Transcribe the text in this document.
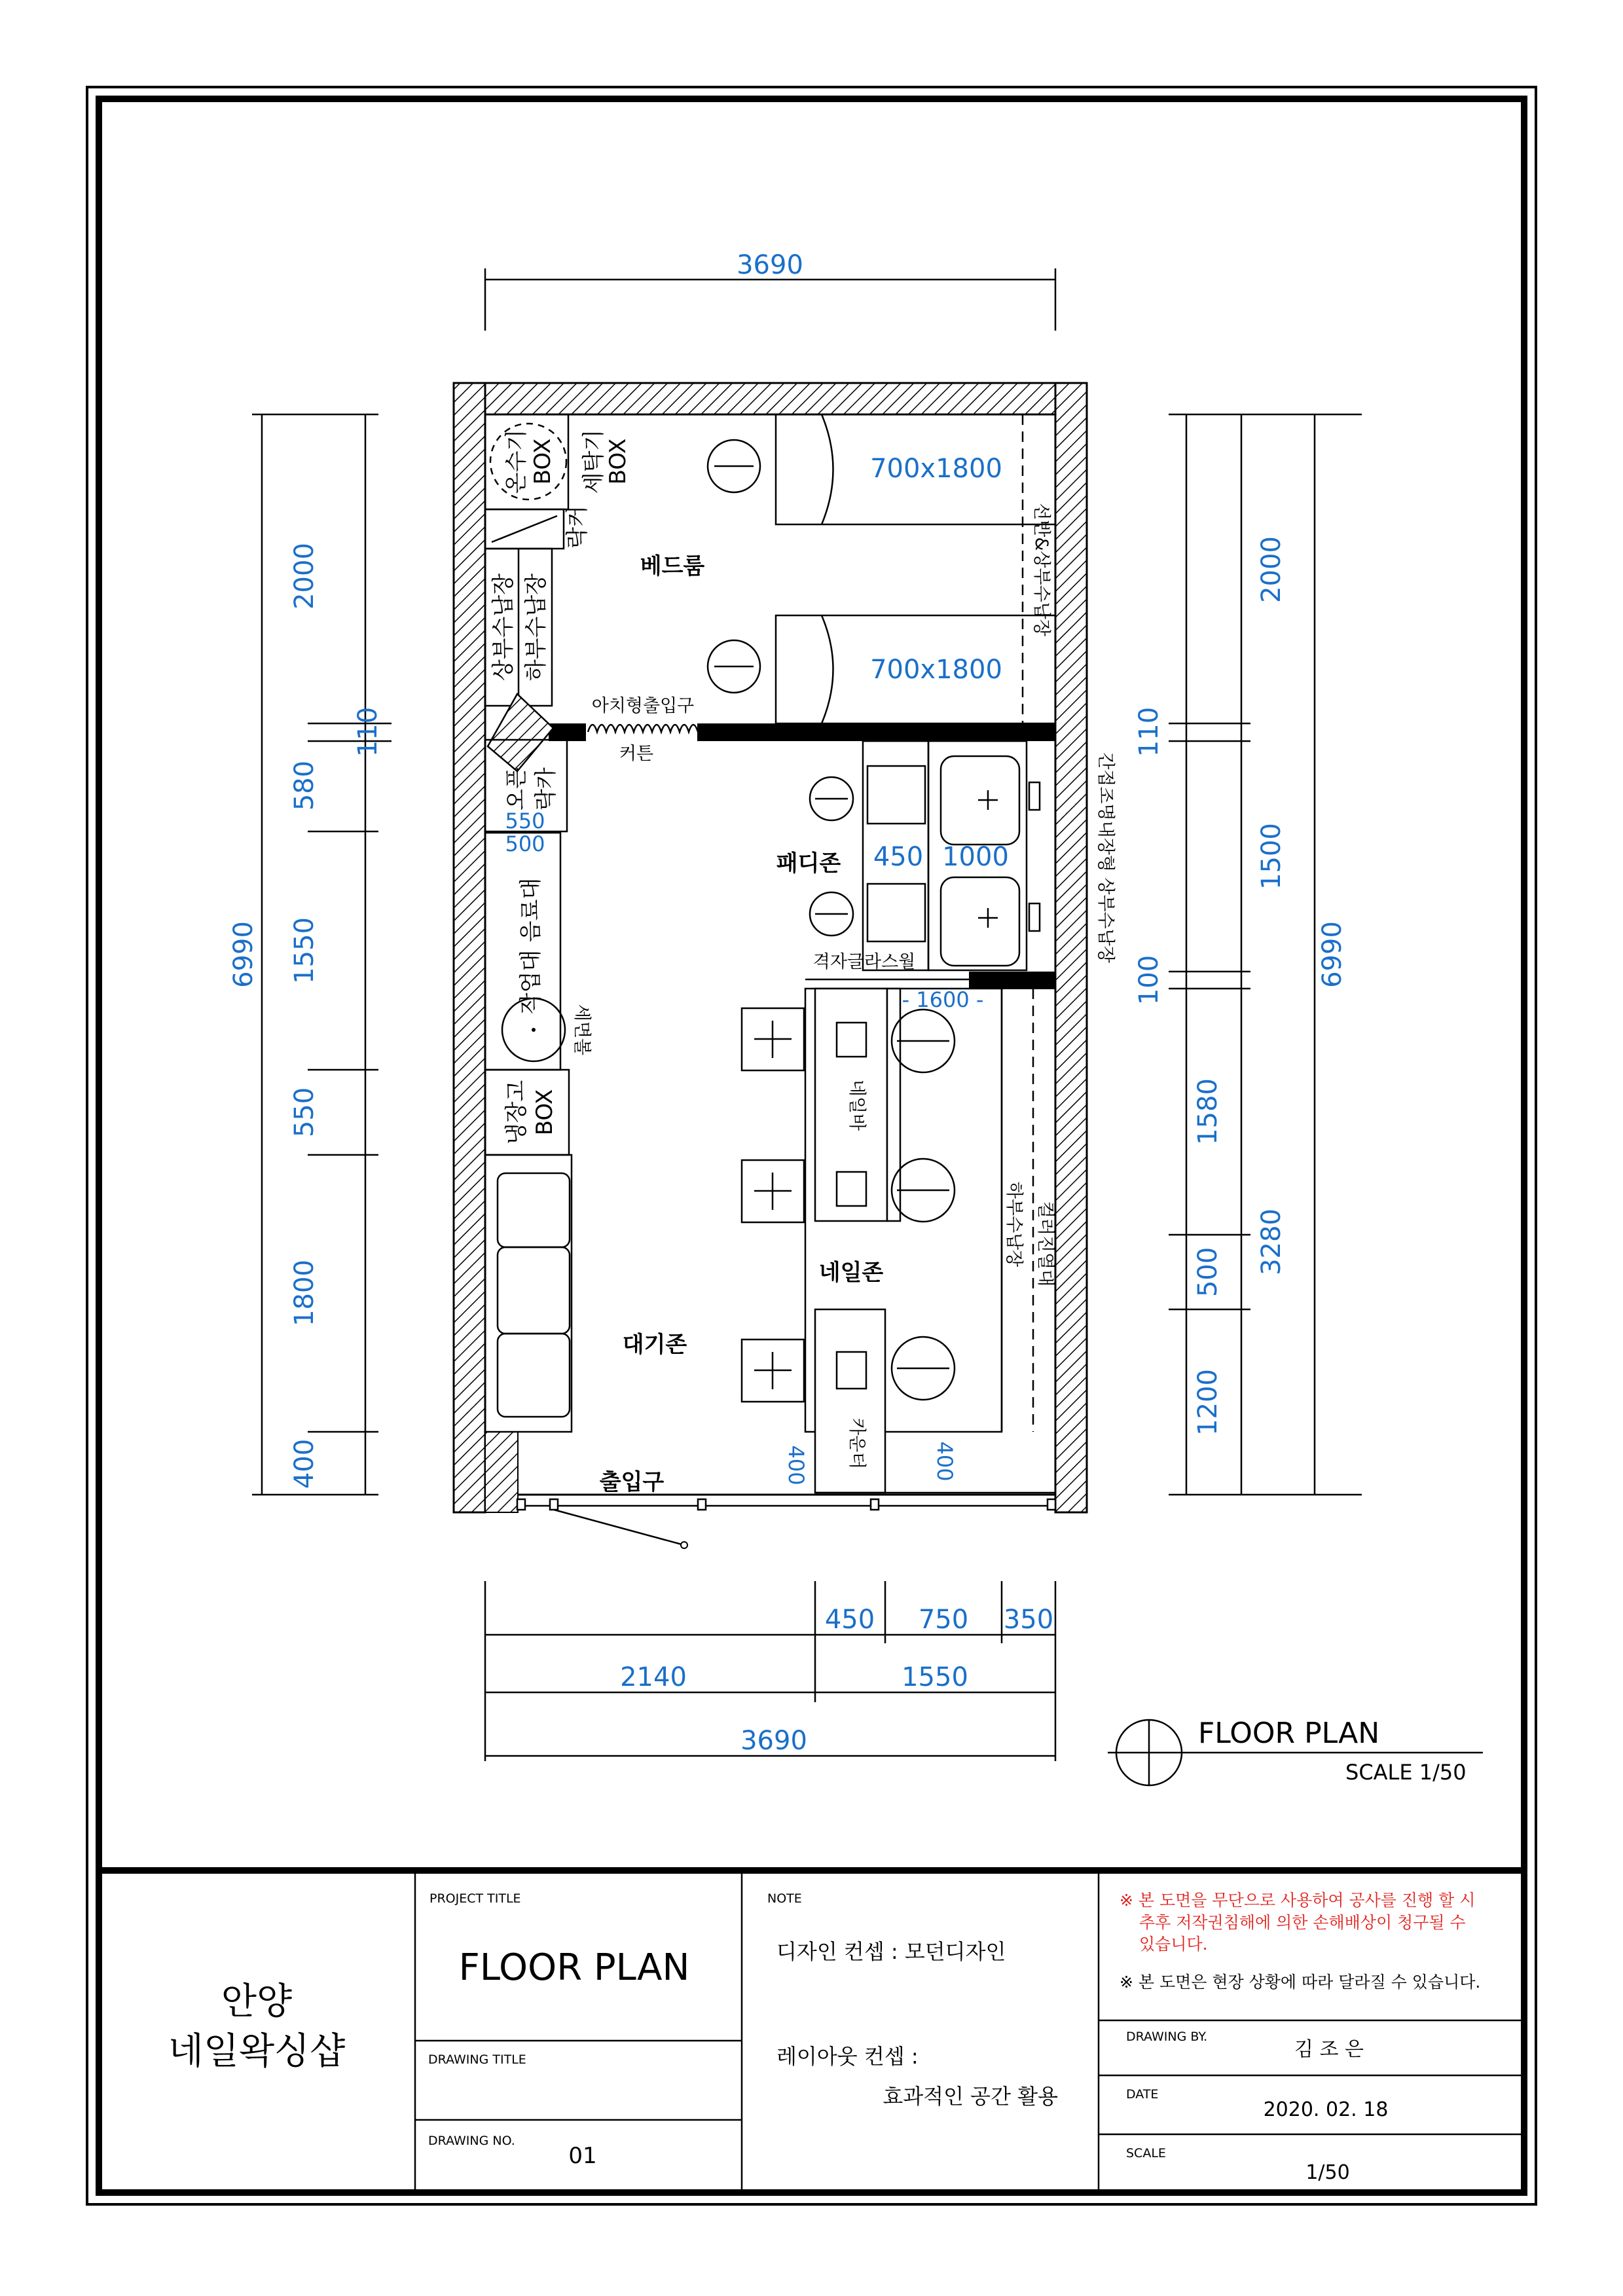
온수기 BOX 세탁기
BOX
락커
상부수납장 하부수납장
베드룸
700x1800
700x1800
선반&상부수납장
아치형출입구
커튼
오픈 락카
550
500
음료대
작업대
세면볼
냉장고 BOX
패디존 450 1000	간접조명내장형 상부수납장
격자글라스월
- 1600 -
네일바
하부수납장 컬러진열대
네일존
카운터
400	400
대기존
출입구
3690
2000
110
580
1550
550
1800
400
6990
2000
110
1500
100
1580
500
1200
6990
3280
450 750 350
2140	1550
3690	FLOOR PLAN
SCALE 1/50
안양
네일왁싱샵
PROJECT TITLE
FLOOR PLAN
DRAWING TITLE
DRAWING NO.
01
NOTE
디자인 컨셉 : 모던디자인
레이아웃 컨셉 :
효과적인 공간 활용
※ 본 도면을 무단으로 사용하여 공사를 진행 할 시
추후 저작권침해에 의한 손해배상이 청구될 수
있습니다.
※ 본 도면은 현장 상황에 따라 달라질 수 있습니다.
DRAWING BY.
김 조 은
DATE
2020. 02. 18
SCALE
1/50
